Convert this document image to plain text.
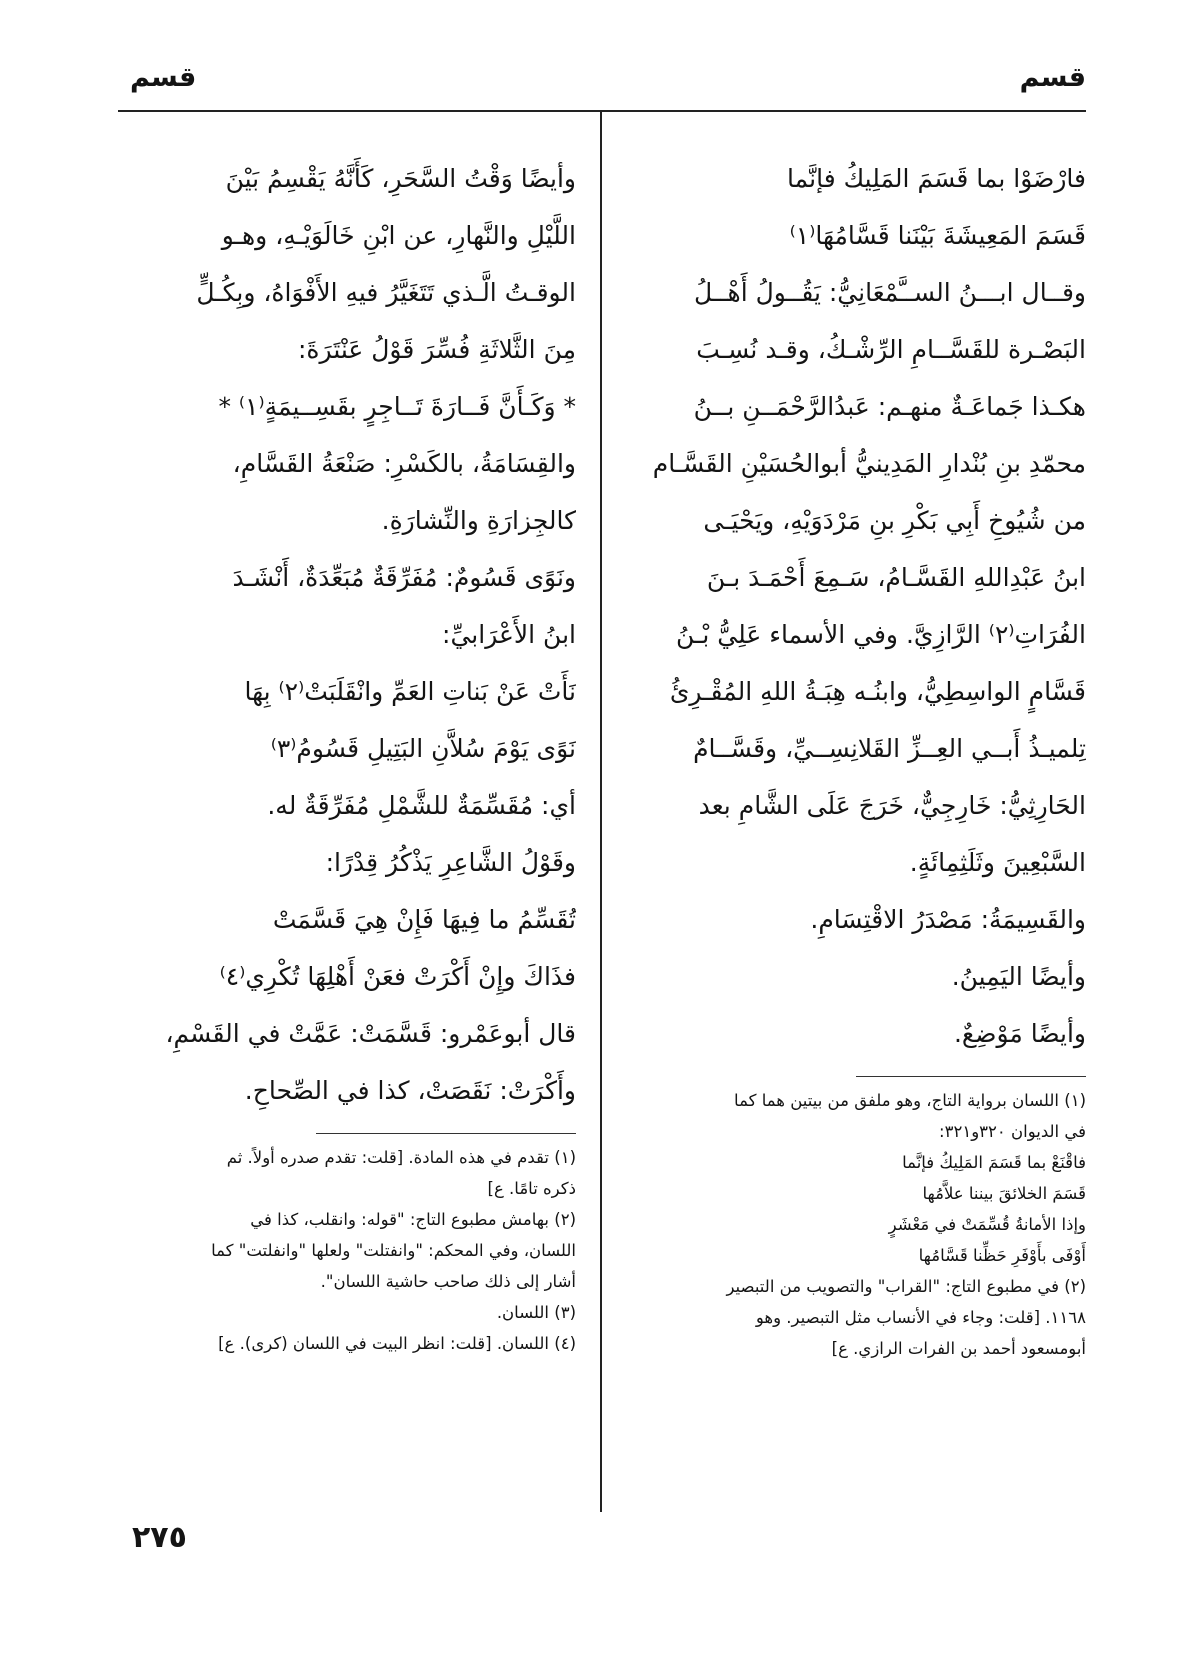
قسم
قسم
فارْضَوْا بما قَسَمَ المَلِيكُ فإنَّما
قَسَمَ المَعِيشَةَ بَيْنَنا قَسَّامُهَا⁽١⁾
وقــال ابـــنُ الســَّمْعَانِيُّ: يَقُــولُ أَهْــلُ
البَصْـرة للقَسَّــامِ الرِّشْـكُ، وقـد نُسِـبَ
هكـذا جَماعَـةٌ منهـم: عَبدُالرَّحْمَــنِ بــنُ
محمّدِ بنِ بُنْدارِ المَدِينيُّ أبوالحُسَيْنِ القَسَّـام
من شُيُوخِ أَبِي بَكْرِ بنِ مَرْدَوَيْهِ، ويَحْيَـى
ابنُ عَبْدِاللهِ القَسَّـامُ، سَـمِعَ أَحْمَـدَ بـنَ
الفُرَاتِ⁽٢⁾ الرَّازِيَّ. وفي الأسماء عَلِيُّ بْـنُ
قَسَّامٍ الواسِطِيُّ، وابنُـه هِبَـةُ اللهِ المُقْـرِئُ
تِلميـذُ أَبــي العِــزِّ القَلانِسِــيِّ، وقَسَّــامٌ
الحَارِثِيُّ: خَارِجِيٌّ، خَرَجَ عَلَى الشَّامِ بعد
السَّبْعِينَ وثَلَثِمِائَةٍ.
والقَسِيمَةُ: مَصْدَرُ الاقْتِسَامِ.
وأيضًا اليَمِينُ.
وأيضًا مَوْضِعٌ.
(١) اللسان برواية التاج، وهو ملفق من بيتين هما كما
في الديوان ٣٢٠و٣٢١:
فاقْنَعْ بما قَسَمَ المَلِيكُ فإنَّما
قَسَمَ الخلائقَ بيننا علاَّمُها
وإذا الأمانةُ قُسِّمَتْ في مَعْشَرٍ
أَوْفَى بأَوْفَرِ حَظِّنا قَسَّامُها
(٢) في مطبوع التاج: "القراب" والتصويب من التبصير
١١٦٨. [قلت: وجاء في الأنساب مثل التبصير. وهو
أبومسعود أحمد بن الفرات الرازي. ع]
وأيضًا وَقْتُ السَّحَرِ، كَأَنَّهُ يَقْسِمُ بَيْنَ
اللَّيْلِ والنَّهارِ، عن ابْنِ خَالَوَيْـهِ، وهـو
الوقـتُ الَّـذي تَتَغَيَّرُ فيهِ الأَفْوَاهُ، وبِكُـلٍّ
مِنَ الثَّلاثَةِ فُسِّرَ قَوْلُ عَنْتَرَةَ:
* وَكَـأَنَّ فَــارَةَ تَــاجِرٍ بقَسِــيمَةٍ⁽١⁾ *
والقِسَامَةُ، بالكَسْرِ: صَنْعَةُ القَسَّامِ،
كالجِزارَةِ والنِّشارَةِ.
ونَوًى قَسُومٌ: مُفَرِّقَةٌ مُبَعِّدَةٌ، أَنْشَـدَ
ابنُ الأَعْرَابيِّ:
نَأَتْ عَنْ بَناتِ العَمِّ وانْقَلَبَتْ⁽٢⁾ بِهَا
نَوًى يَوْمَ سُلاَّنِ البَتِيلِ قَسُومُ⁽٣⁾
أي: مُقَسِّمَةٌ للشَّمْلِ مُفَرِّقَةٌ له.
وقَوْلُ الشَّاعِرِ يَذْكُرُ قِدْرًا:
تُقَسِّمُ ما فِيهَا فَإِنْ هِيَ قَسَّمَتْ
فذَاكَ وإِنْ أَكْرَتْ فعَنْ أَهْلِهَا تُكْرِي⁽٤⁾
قال أبوعَمْرو: قَسَّمَتْ: عَمَّتْ في القَسْمِ،
وأَكْرَتْ: نَقَصَتْ، كذا في الصِّحاحِ.
(١) تقدم في هذه المادة. [قلت: تقدم صدره أولاً. ثم
ذكره تامًا. ع]
(٢) بهامش مطبوع التاج: "قوله: وانقلب، كذا في
اللسان، وفي المحكم: "وانفتلت" ولعلها "وانفلتت" كما
أشار إلى ذلك صاحب حاشية اللسان".
(٣) اللسان.
(٤) اللسان. [قلت: انظر البيت في اللسان (كرى). ع]
٢٧٥
